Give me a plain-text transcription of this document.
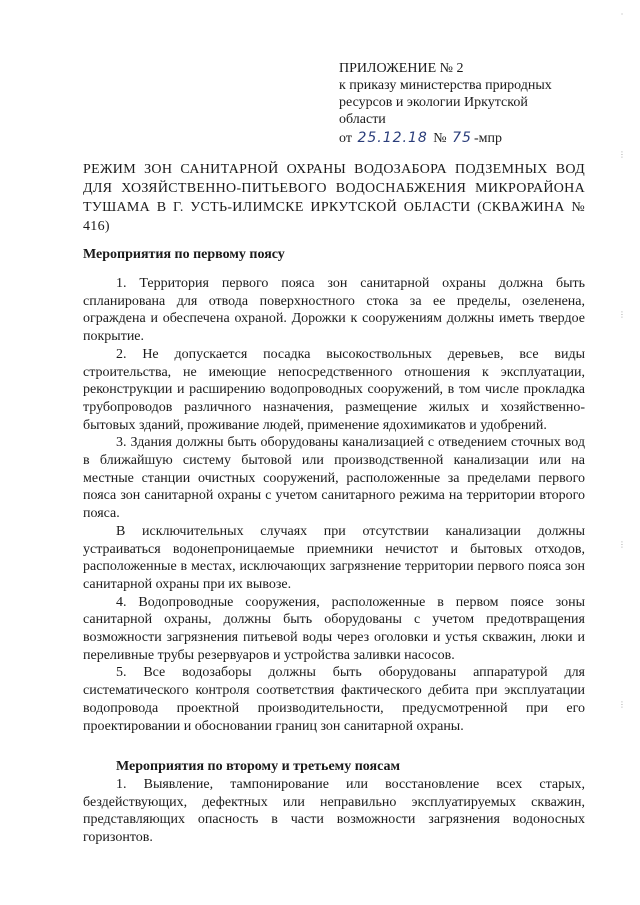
ПРИЛОЖЕНИЕ № 2
к приказу министерства природных
ресурсов и экологии Иркутской
области
от 25.12.18 № 75 -мпр
РЕЖИМ ЗОН САНИТАРНОЙ ОХРАНЫ ВОДОЗАБОРА ПОДЗЕМНЫХ ВОД ДЛЯ ХОЗЯЙСТВЕННО-ПИТЬЕВОГО ВОДОСНАБЖЕНИЯ МИКРОРАЙОНА ТУШАМА В Г. УСТЬ-ИЛИМСКЕ ИРКУТСКОЙ ОБЛАСТИ (СКВАЖИНА № 416)
Мероприятия по первому поясу

1. Территория первого пояса зон санитарной охраны должна быть спланирована для отвода поверхностного стока за ее пределы, озеленена, ограждена и обеспечена охраной. Дорожки к сооружениям должны иметь твердое покрытие.

2. Не допускается посадка высокоствольных деревьев, все виды строительства, не имеющие непосредственного отношения к эксплуатации, реконструкции и расширению водопроводных сооружений, в том числе прокладка трубопроводов различного назначения, размещение жилых и хозяйственно-бытовых зданий, проживание людей, применение ядохимикатов и удобрений.

3. Здания должны быть оборудованы канализацией с отведением сточных вод в ближайшую систему бытовой или производственной канализации или на местные станции очистных сооружений, расположенные за пределами первого пояса зон санитарной охраны с учетом санитарного режима на территории второго пояса.

В исключительных случаях при отсутствии канализации должны устраиваться водонепроницаемые приемники нечистот и бытовых отходов, расположенные в местах, исключающих загрязнение территории первого пояса зон санитарной охраны при их вывозе.

4. Водопроводные сооружения, расположенные в первом поясе зоны санитарной охраны, должны быть оборудованы с учетом предотвращения возможности загрязнения питьевой воды через оголовки и устья скважин, люки и переливные трубы резервуаров и устройства заливки насосов.

5. Все водозаборы должны быть оборудованы аппаратурой для систематического контроля соответствия фактического дебита при эксплуатации водопровода проектной производительности, предусмотренной при его проектировании и обосновании границ зон санитарной охраны.

Мероприятия по второму и третьему поясам

1. Выявление, тампонирование или восстановление всех старых, бездействующих, дефектных или неправильно эксплуатируемых скважин, представляющих опасность в части возможности загрязнения водоносных горизонтов.

·
⋮
⋮
⋮
⋮
